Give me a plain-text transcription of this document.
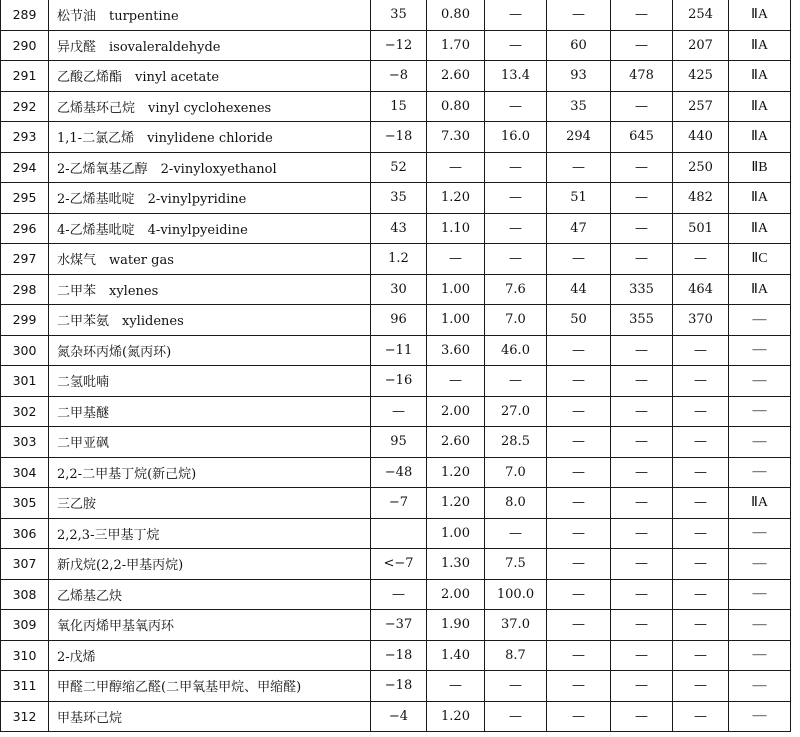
289	松节油　turpentine	35	0.80	—	—	—	254	ⅡA
290	异戊醛　isovaleraldehyde	−12	1.70	—	60	—	207	ⅡA
291	乙酸乙烯酯　vinyl acetate	−8	2.60	13.4	93	478	425	ⅡA
292	乙烯基环己烷　vinyl cyclohexenes	15	0.80	—	35	—	257	ⅡA
293	1,1-二氯乙烯　vinylidene chloride	−18	7.30	16.0	294	645	440	ⅡA
294	2-乙烯氧基乙醇　2-vinyloxyethanol	52	—	—	—	—	250	ⅡB
295	2-乙烯基吡啶　2-vinylpyridine	35	1.20	—	51	—	482	ⅡA
296	4-乙烯基吡啶　4-vinylpyeidine	43	1.10	—	47	—	501	ⅡA
297	水煤气　water gas	1.2	—	—	—	—	—	ⅡC
298	二甲苯　xylenes	30	1.00	7.6	44	335	464	ⅡA
299	二甲苯氨　xylidenes	96	1.00	7.0	50	355	370	—
300	氮杂环丙烯(氮丙环)	−11	3.60	46.0	—	—	—	—
301	二氢吡喃	−16	—	—	—	—	—	—
302	二甲基醚	—	2.00	27.0	—	—	—	—
303	二甲亚砜	95	2.60	28.5	—	—	—	—
304	2,2-二甲基丁烷(新己烷)	−48	1.20	7.0	—	—	—	—
305	三乙胺	−7	1.20	8.0	—	—	—	ⅡA
306	2,2,3-三甲基丁烷		1.00	—	—	—	—	—
307	新戊烷(2,2-甲基丙烷)	<−7	1.30	7.5	—	—	—	—
308	乙烯基乙炔	—	2.00	100.0	—	—	—	—
309	氧化丙烯甲基氧丙环	−37	1.90	37.0	—	—	—	—
310	2-戊烯	−18	1.40	8.7	—	—	—	—
311	甲醛二甲醇缩乙醛(二甲氧基甲烷、甲缩醛)	−18	—	—	—	—	—	—
312	甲基环己烷	−4	1.20	—	—	—	—	—
